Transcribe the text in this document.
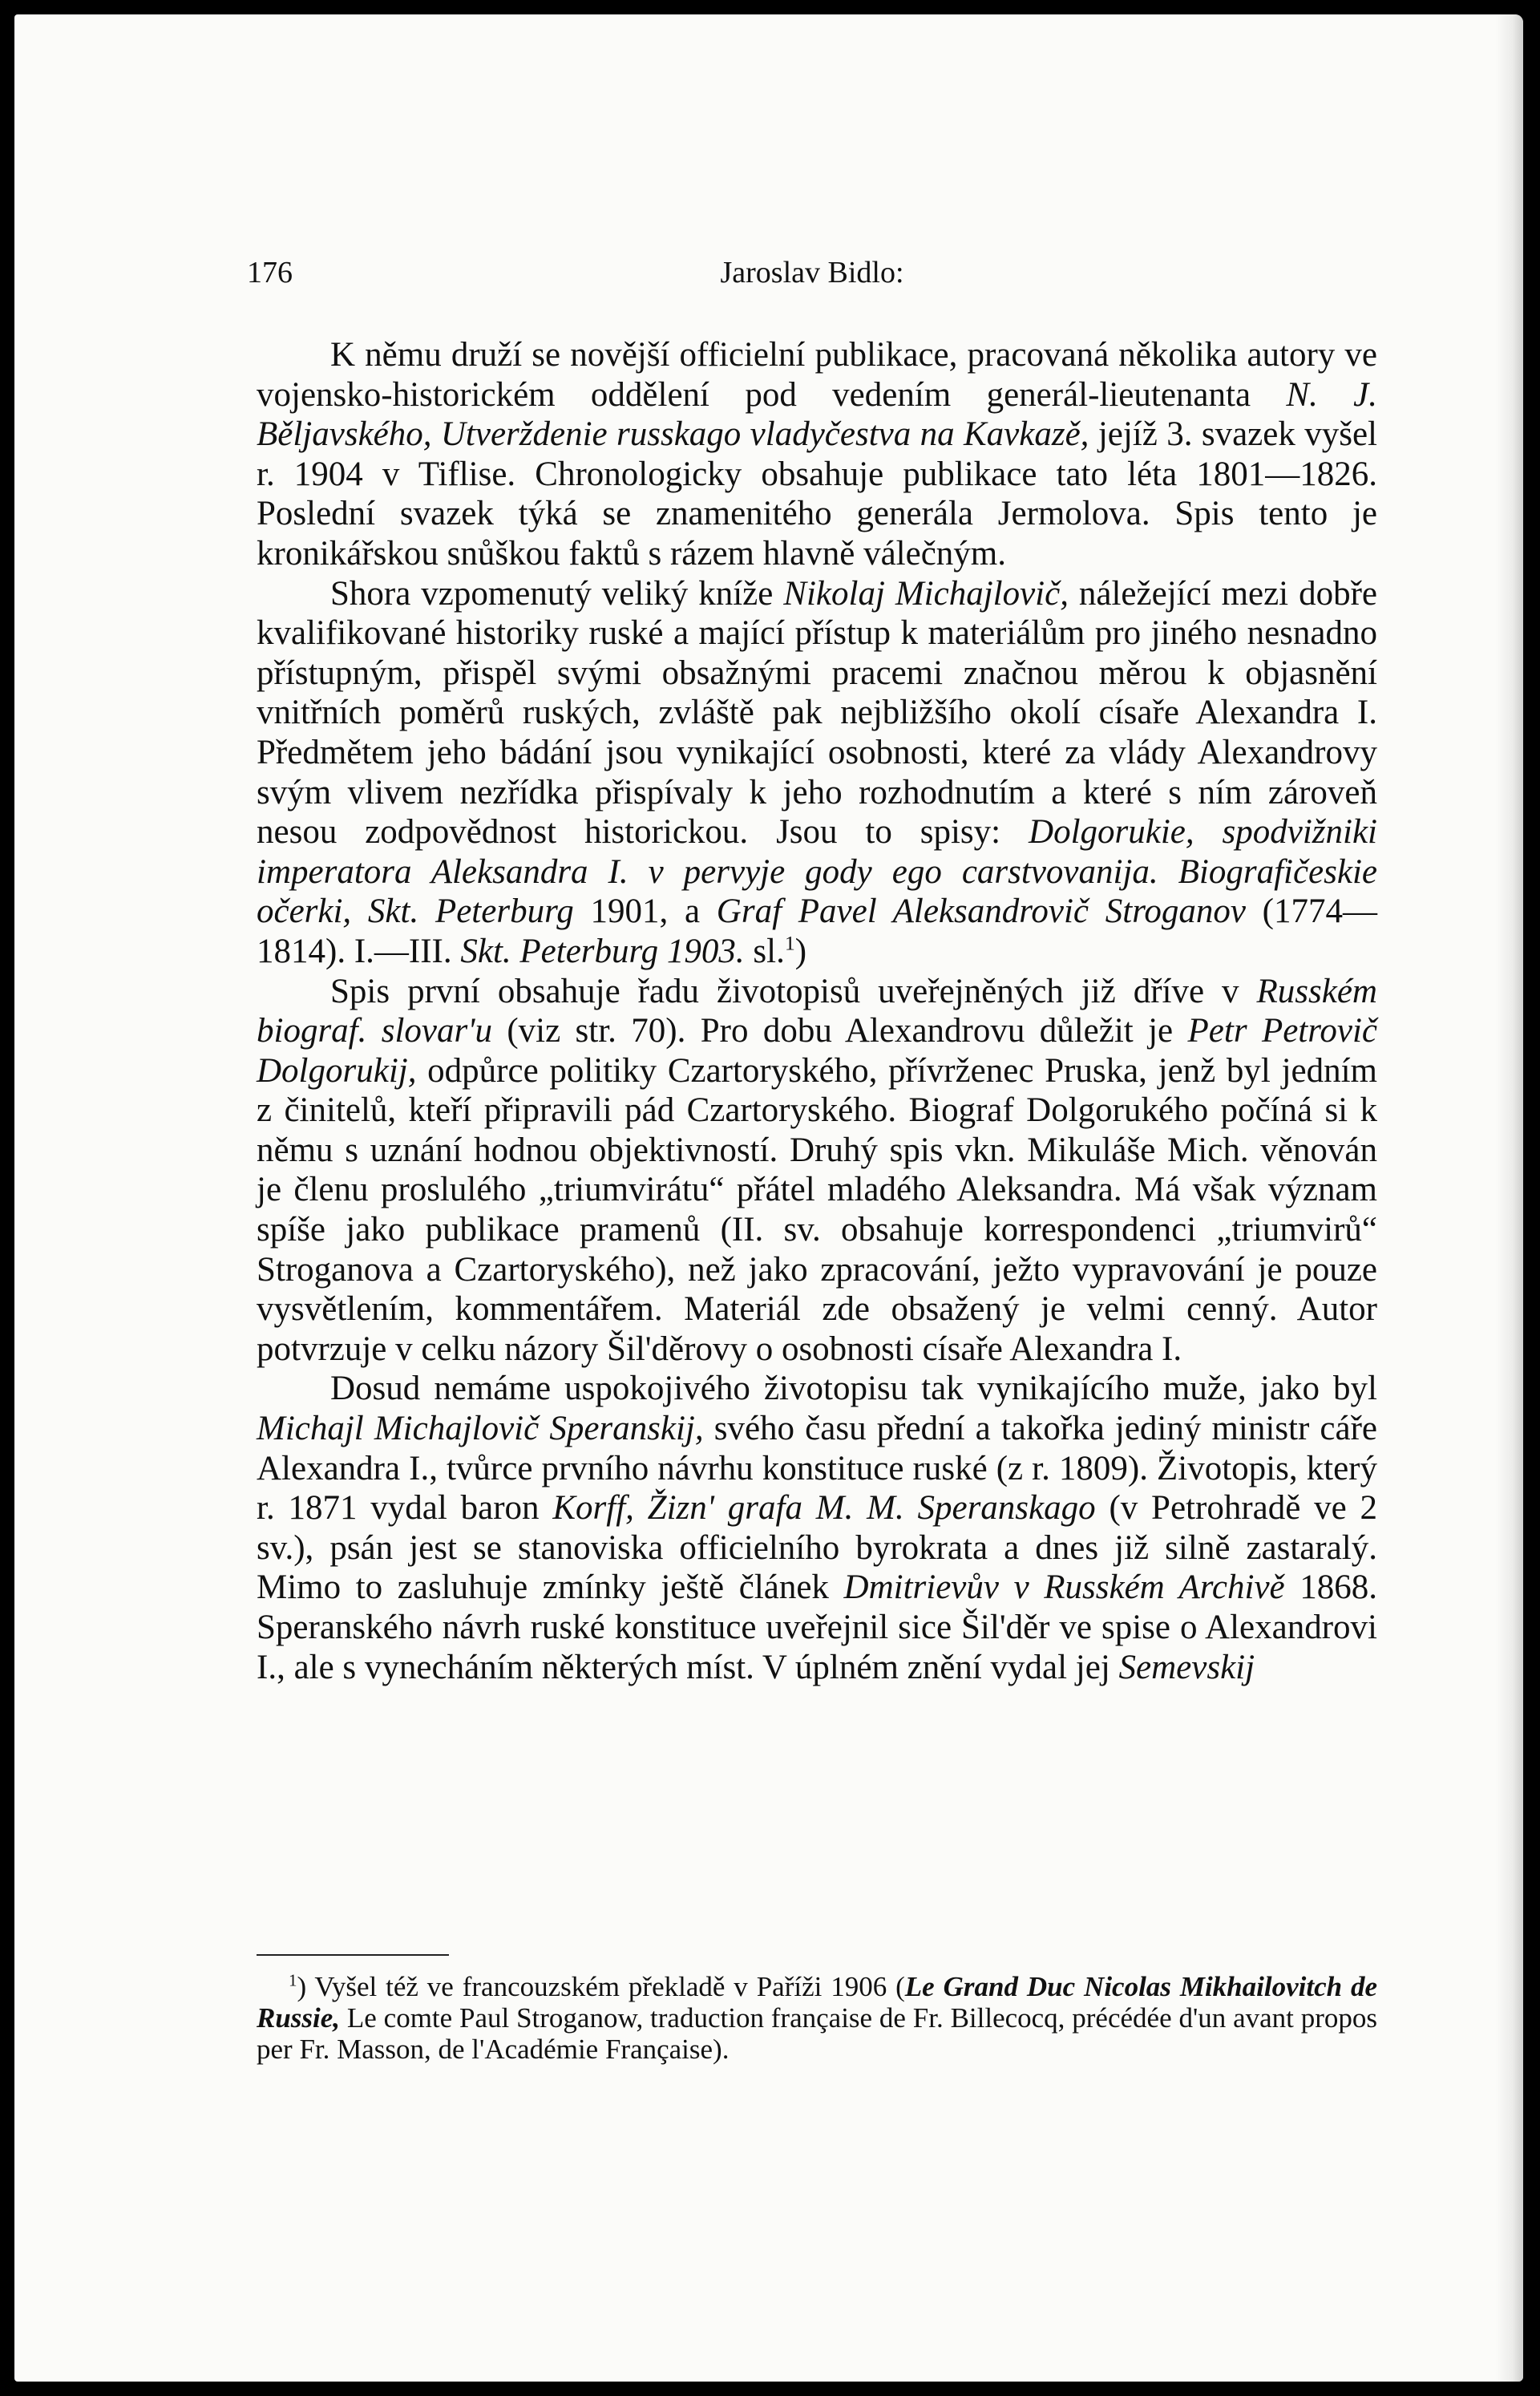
176	Jaroslav Bidlo:

K němu druží se novější officielní publikace, pracovaná několika autory ve vojensko-historickém oddělení pod vedením generál-lieutenanta N. J. Běljavského, Utverždenie russkago vladyčestva na Kavkazě, jejíž 3. svazek vyšel r. 1904 v Tiflise. Chronologicky obsahuje publikace tato léta 1801—1826. Poslední svazek týká se znamenitého generála Jermolova. Spis tento je kronikářskou snůškou faktů s rázem hlavně válečným.

Shora vzpomenutý veliký kníže Nikolaj Michajlovič, náležející mezi dobře kvalifikované historiky ruské a mající přístup k materiálům pro jiného nesnadno přístupným, přispěl svými obsažnými pracemi značnou měrou k objasnění vnitřních poměrů ruských, zvláště pak nejbližšího okolí císaře Alexandra I. Předmětem jeho bádání jsou vynikající osobnosti, které za vlády Alexandrovy svým vlivem nezřídka přispívaly k jeho rozhodnutím a které s ním zároveň nesou zodpovědnost historickou. Jsou to spisy: Dolgorukie, spodvižniki imperatora Aleksandra I. v pervyje gody ego carstvovanija. Biografičeskie očerki, Skt. Peterburg 1901, a Graf Pavel Aleksandrovič Stroganov (1774—1814). I.—III. Skt. Peterburg 1903. sl.$^1$)

Spis první obsahuje řadu životopisů uveřejněných již dříve v Rusském biograf. slovar'u (viz str. 70). Pro dobu Alexandrovu důležit je Petr Petrovič Dolgorukij, odpůrce politiky Czartoryského, přívrženec Pruska, jenž byl jedním z činitelů, kteří připravili pád Czartoryského. Biograf Dolgorukého počíná si k němu s uznání hodnou objektivností. Druhý spis vkn. Mikuláše Mich. věnován je členu proslulého „triumvirátu“ přátel mladého Aleksandra. Má však význam spíše jako publikace pramenů (II. sv. obsahuje korrespondenci „triumvirů“ Stroganova a Czartoryského), než jako zpracování, ježto vypravování je pouze vysvětlením, kommentářem. Materiál zde obsažený je velmi cenný. Autor potvrzuje v celku názory Šil'děrovy o osobnosti císaře Alexandra I.

Dosud nemáme uspokojivého životopisu tak vynikajícího muže, jako byl Michajl Michajlovič Speranskij, svého času přední a takořka jediný ministr cáře Alexandra I., tvůrce prvního návrhu konstituce ruské (z r. 1809). Životopis, který r. 1871 vydal baron Korff, Žizn' grafa M. M. Speranskago (v Petrohradě ve 2 sv.), psán jest se stanoviska officielního byrokrata a dnes již silně zastaralý. Mimo to zasluhuje zmínky ještě článek Dmitrievův v Rusském Archivě 1868. Speranského návrh ruské konstituce uveřejnil sice Šil'děr ve spise o Alexandrovi I., ale s vynecháním některých míst. V úplném znění vydal jej Semevskij

$^1$) Vyšel též ve francouzském překladě v Paříži 1906 (Le Grand Duc Nicolas Mikhailovitch de Russie, Le comte Paul Stroganow, traduction française de Fr. Billecocq, précédée d'un avant propos per Fr. Masson, de l'Académie Française).
